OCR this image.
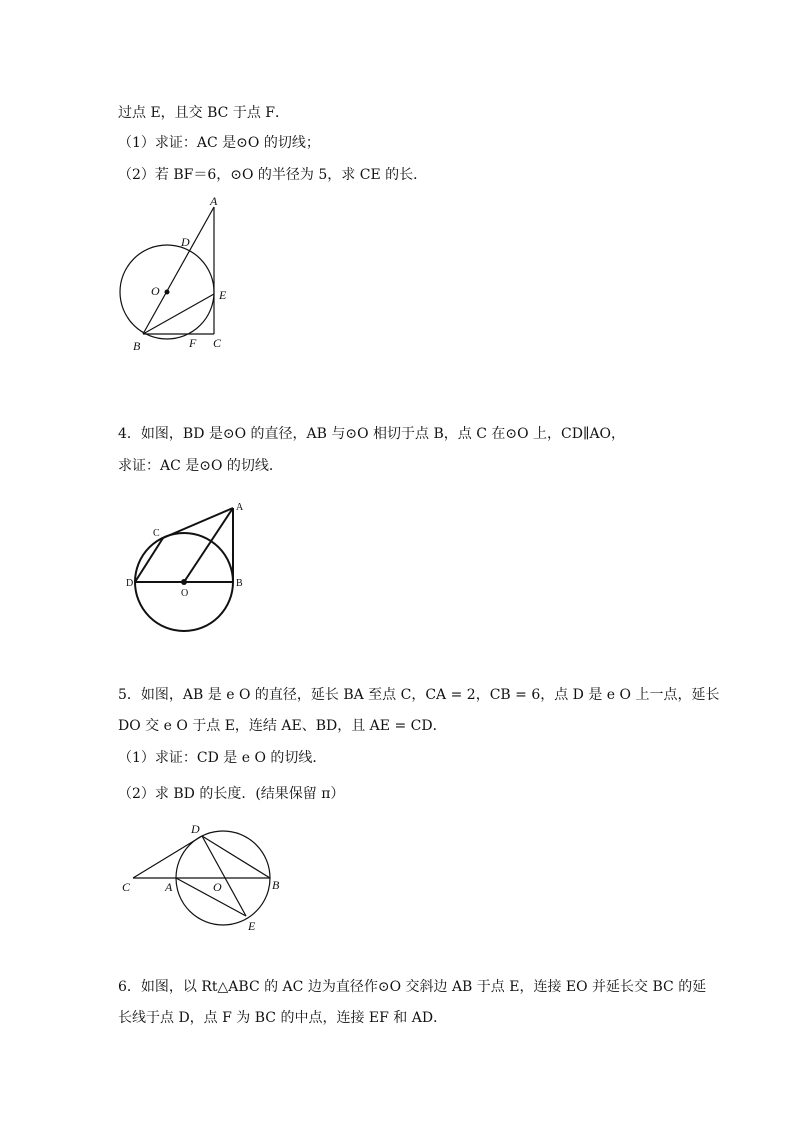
过点 E，且交 BC 于点 F．
（1）求证：AC 是⊙O 的切线；
（2）若 BF＝6，⊙O 的半径为 5，求 CE 的长．
A
D
O	E
B	F C
4．如图，BD 是⊙O 的直径，AB 与⊙O 相切于点 B，点 C 在⊙O 上，CD∥AO，
求证：AC 是⊙O 的切线．
A
C
D
O
B
5．如图，AB 是 e O 的直径，延长 BA 至点 C，CA = 2，CB = 6，点 D 是 e O 上一点，延长
DO 交 e O 于点 E，连结 AE、BD，且 AE = CD．
（1）求证：CD 是 e O 的切线．
（2）求 BD 的长度．(结果保留 π）
D
C	A	O	B
E
6．如图，以 Rt△ABC 的 AC 边为直径作⊙O 交斜边 AB 于点 E，连接 EO 并延长交 BC 的延
长线于点 D，点 F 为 BC 的中点，连接 EF 和 AD．
